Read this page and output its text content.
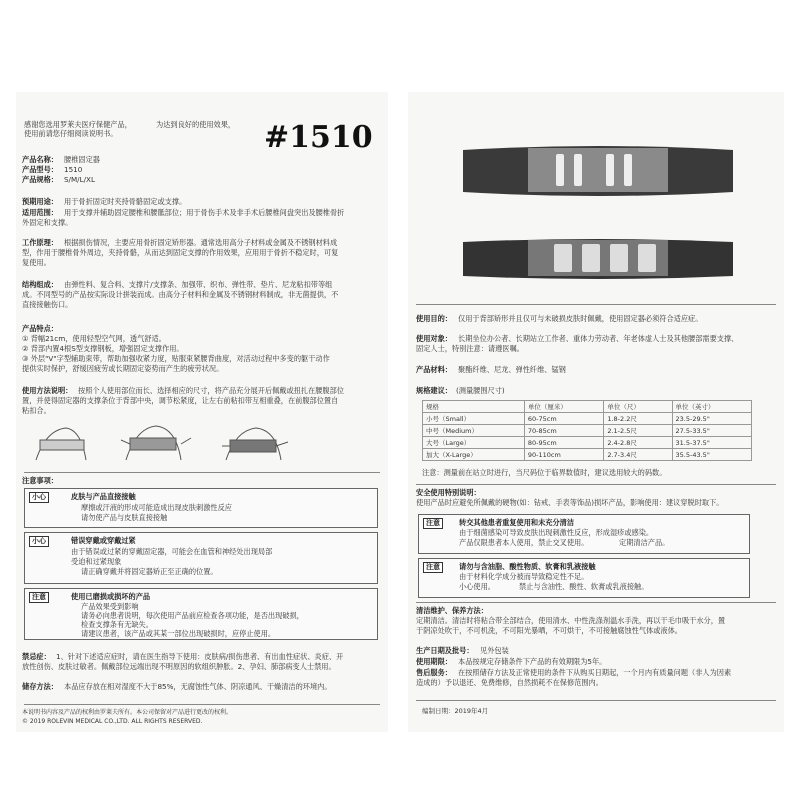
感谢您选用罗莱夫医疗保健产品，	为达到良好的使用效果，
使用前请您仔细阅读说明书。	#1510
产品名称： 腰椎固定器
产品型号： 1510
产品规格： S/M/L/XL
预期用途： 用于骨折固定时夹持骨骼固定或支撑。
适用范围： 用于支撑并辅助固定腰椎和腰骶部位；用于骨伤手术及非手术后腰椎间盘突出及腰椎骨折
外固定和支撑。
工作原理： 根据损伤情况，主要应用骨折固定矫形器。通常选用高分子材料或金属及不锈钢材料成
型，作用于腰椎骨外周边，夹持骨骼，从而达到固定支撑的作用效果，应用用于骨折不稳定时，可复
复使用。
结构组成： 由弹性料、复合料、支撑片/支撑条、加强带、织布、弹性带、垫片、尼龙粘扣带等组
成。不同型号的产品按实际设计拼装而成。由高分子材料和金属及不锈钢材料制成，非无菌提供，不
直接接触伤口。
产品特点：
① 背幅21cm，使用轻型空气网，透气舒适。
② 背部内置4根S型支撑钢板，增强固定支撑作用。
③ 外层"V"字型辅助束带，帮助加强收紧力度，贴服束紧腰背曲度，对活动过程中多变的躯干动作
提供实时保护，舒缓因疲劳或长期固定姿势而产生的疲劳状况。
使用方法说明： 按照个人使用部位而长、选择相应的尺寸，将产品充分展开后佩戴或扭扎在腰腹部位
置，并使得固定器的支撑条位于背部中央，调节松紧度，让左右前粘扣带互相重叠，在前腹部位置自
粘扣合。
注意事项：
小心	皮肤与产品直接接触
摩擦或汗液的形成可能造成出现皮肤刺激性反应
请勿使产品与皮肤直接接触
小心	错误穿戴或穿戴过紧
由于错误或过紧的穿戴固定器，可能会在血管和神经处出现局部
受迫和过紧现象
请正确穿戴并将固定器矫正至正确的位置。
注意	使用已磨损或损坏的产品
产品效果受到影响
请务必向患者说明，每次使用产品前应检查各项功能，是否出现破损，
检查支撑条有无缺失。
请建议患者，该产品或其某一部位出现破损时，应停止使用。
禁忌症： 1、针对下述适应症时，请在医生指导下使用：皮肤病/损伤患者、有出血性症状、炎症、开
放性创伤、皮肤过敏者。佩戴部位远端出现不明原因的软组织肿胀。2、孕妇、肺部病变人士禁用。
储存方法： 本品应存放在相对湿度不大于85%，无腐蚀性气体、阴凉通风、干燥清洁的环境内。
本说明书内容及产品的权利由罗莱夫所有。 本公司保留对产品进行更改的权利。
© 2019 ROLEVIN MEDICAL CO.,LTD. ALL RIGHTS RESERVED.
使用目的： 仅用于背部矫形并且仅可与未破损皮肤时佩戴，使用固定器必须符合适应症。
使用对象： 长期坐位办公者、长期站立工作者、重体力劳动者、年老体虚人士及其他腰部需要支撑、
固定人士，特别注意：请遵医嘱。
产品材料： 聚酯纤维、尼龙、弹性纤维、锰钢
规格建议： (测量腰围尺寸)
规格	单位（厘米）	单位（尺）	单位（英寸）
小号（Small）	60-75cm	1.8-2.2尺	23.5-29.5"
中号（Medium）	70-85cm	2.1-2.5尺	27.5-33.5"
大号（Large）	80-95cm	2.4-2.8尺	31.5-37.5"
加大（X-Large）	90-110cm	2.7-3.4尺	35.5-43.5"
注意：测量前在站立时进行，当尺码位于临界数值时，建议选用较大的码数。
安全使用特别说明：
使用产品时应避免所佩戴的硬物(如：钻戒、手表等饰品)损坏产品，影响使用：建议穿脱时取下。
注意	转交其他患者重复使用和未充分清洁
由于细菌感染可导致皮肤出现刺激性反应，形成湿疹或感染。
产品仅限患者本人使用，禁止交叉使用。	定期清洁产品。
注意	请勿与含油脂、酸性物质、软膏和乳液接触
由于材料化学成分被而导致稳定性不足。
小心使用。	禁止与含油性、酸性、软膏或乳液接触。
清洁维护、保养方法：
定期清洁。清洁时将粘合带全部结合，使用清水、中性洗涤剂温水手洗，再以干毛巾吸干水分，置
于阴凉处吹干，不可机洗，不可阳光暴晒，不可烘干，不可接触腐蚀性气体或液体。
生产日期及批号： 见外包装
使用期限： 本品按规定存储条件下产品的有效期限为5年。
售后服务： 在按照储存方法及正常使用的条件下从购买日期起，一个月内有质量问题（非人为因素
造成的）予以退还、免费维修，自然损耗不在保修范围内。
编制日期：2019年4月
